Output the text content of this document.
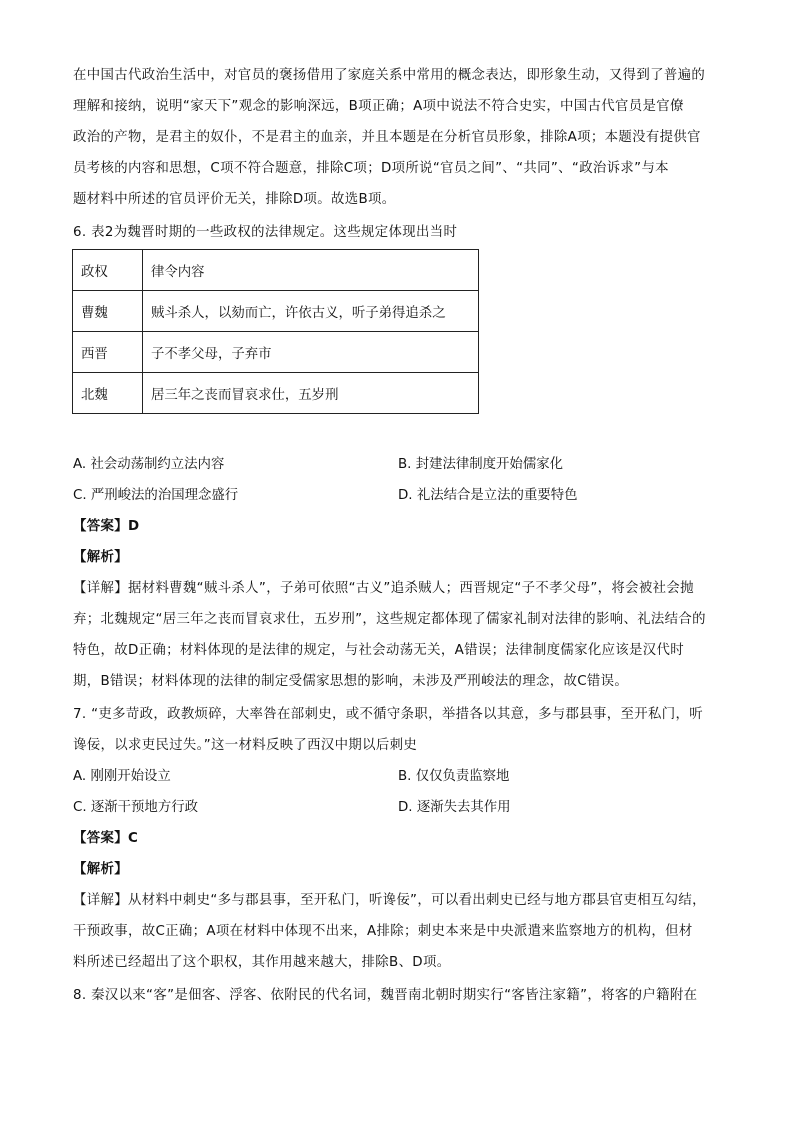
在中国古代政治生活中，对官员的褒扬借用了家庭关系中常用的概念表达，即形象生动，又得到了普遍的
理解和接纳，说明“家天下”观念的影响深远，B项正确；A项中说法不符合史实，中国古代官员是官僚
政治的产物，是君主的奴仆，不是君主的血亲，并且本题是在分析官员形象，排除A项；本题没有提供官
员考核的内容和思想，C项不符合题意，排除C项；D项所说“官员之间”、“共同”、“政治诉求”与本
题材料中所述的官员评价无关，排除D项。故选B项。
6. 表2为魏晋时期的一些政权的法律规定。这些规定体现出当时
政权	律令内容
曹魏	贼斗杀人，以劾而亡，许依古义，听子弟得追杀之
西晋	子不孝父母，子弃市
北魏	居三年之丧而冒哀求仕，五岁刑
A. 社会动荡制约立法内容	B. 封建法律制度开始儒家化
C. 严刑峻法的治国理念盛行	D. 礼法结合是立法的重要特色
【答案】D
【解析】
【详解】据材料曹魏“贼斗杀人”，子弟可依照“古义”追杀贼人；西晋规定“子不孝父母”，将会被社会抛
弃；北魏规定“居三年之丧而冒哀求仕，五岁刑”，这些规定都体现了儒家礼制对法律的影响、礼法结合的
特色，故D正确；材料体现的是法律的规定，与社会动荡无关，A错误；法律制度儒家化应该是汉代时
期，B错误；材料体现的法律的制定受儒家思想的影响，未涉及严刑峻法的理念，故C错误。
7. “吏多苛政，政教烦碎，大率咎在部刺史，或不循守条职，举措各以其意，多与郡县事，至开私门，听
谗佞，以求吏民过失。”这一材料反映了西汉中期以后刺史
A. 刚刚开始设立	B. 仅仅负责监察地
C. 逐渐干预地方行政	D. 逐渐失去其作用
【答案】C
【解析】
【详解】从材料中刺史“多与郡县事，至开私门，听谗佞”，可以看出刺史已经与地方郡县官吏相互勾结，
干预政事，故C正确；A项在材料中体现不出来，A排除；刺史本来是中央派遣来监察地方的机构，但材
料所述已经超出了这个职权，其作用越来越大，排除B、D项。
8. 秦汉以来“客”是佃客、浮客、依附民的代名词，魏晋南北朝时期实行“客皆注家籍”，将客的户籍附在
